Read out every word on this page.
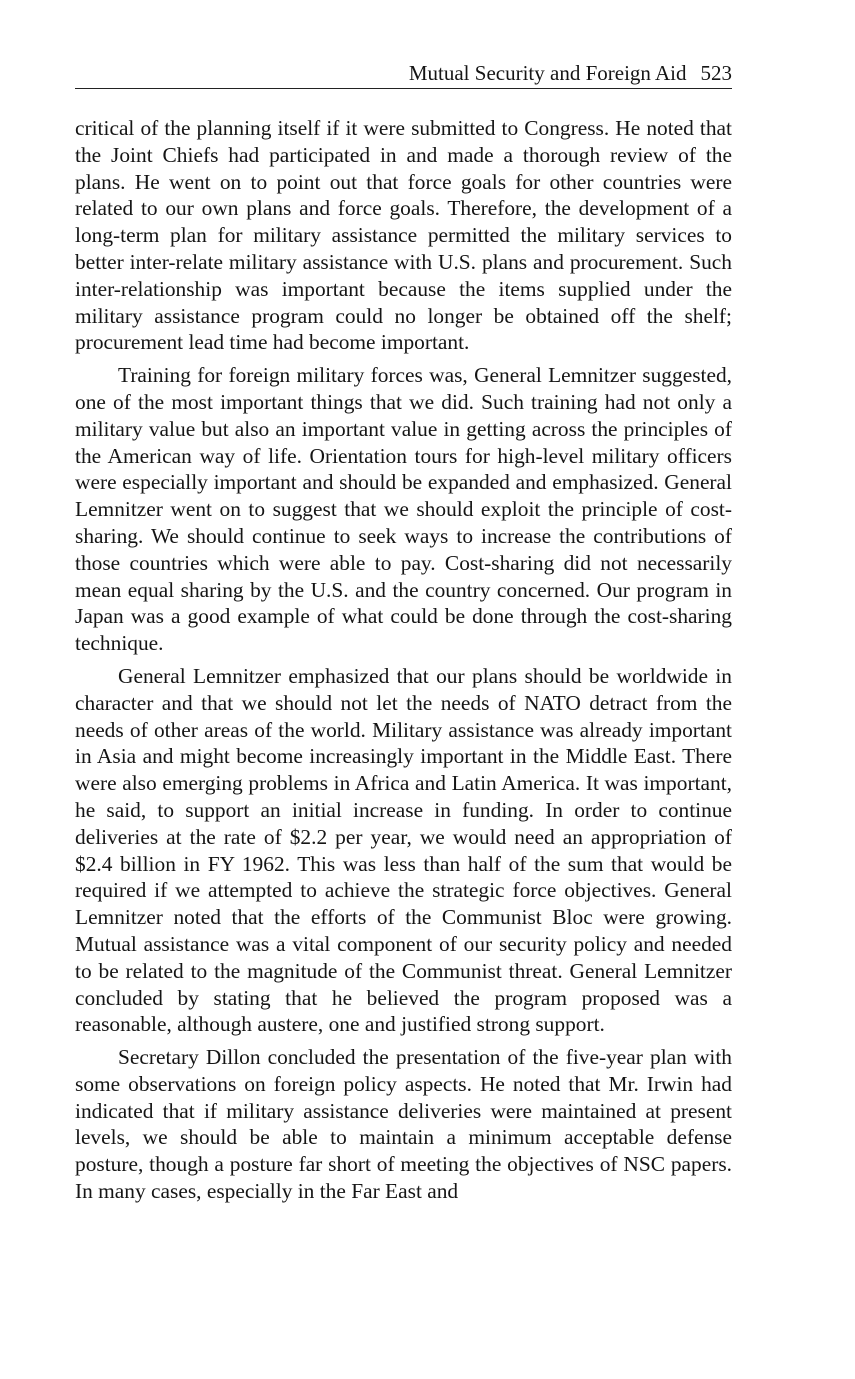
Mutual Security and Foreign Aid 523

critical of the planning itself if it were submitted to Congress. He noted that the Joint Chiefs had participated in and made a thorough review of the plans. He went on to point out that force goals for other countries were related to our own plans and force goals. Therefore, the development of a long-term plan for military assistance permitted the military services to better inter-relate military assistance with U.S. plans and procurement. Such inter-relationship was important because the items supplied under the military assistance program could no longer be obtained off the shelf; procurement lead time had become important.

Training for foreign military forces was, General Lemnitzer suggested, one of the most important things that we did. Such training had not only a military value but also an important value in getting across the principles of the American way of life. Orientation tours for high-level military officers were especially important and should be expanded and emphasized. General Lemnitzer went on to suggest that we should exploit the principle of cost-sharing. We should continue to seek ways to increase the contributions of those countries which were able to pay. Cost-sharing did not necessarily mean equal sharing by the U.S. and the country concerned. Our program in Japan was a good example of what could be done through the cost-sharing technique.

General Lemnitzer emphasized that our plans should be worldwide in character and that we should not let the needs of NATO detract from the needs of other areas of the world. Military assistance was already important in Asia and might become increasingly important in the Middle East. There were also emerging problems in Africa and Latin America. It was important, he said, to support an initial increase in funding. In order to continue deliveries at the rate of $2.2 per year, we would need an appropriation of $2.4 billion in FY 1962. This was less than half of the sum that would be required if we attempted to achieve the strategic force objectives. General Lemnitzer noted that the efforts of the Communist Bloc were growing. Mutual assistance was a vital component of our security policy and needed to be related to the magnitude of the Communist threat. General Lemnitzer concluded by stating that he believed the program proposed was a reasonable, although austere, one and justified strong support.

Secretary Dillon concluded the presentation of the five-year plan with some observations on foreign policy aspects. He noted that Mr. Irwin had indicated that if military assistance deliveries were maintained at present levels, we should be able to maintain a minimum acceptable defense posture, though a posture far short of meeting the objectives of NSC papers. In many cases, especially in the Far East and
